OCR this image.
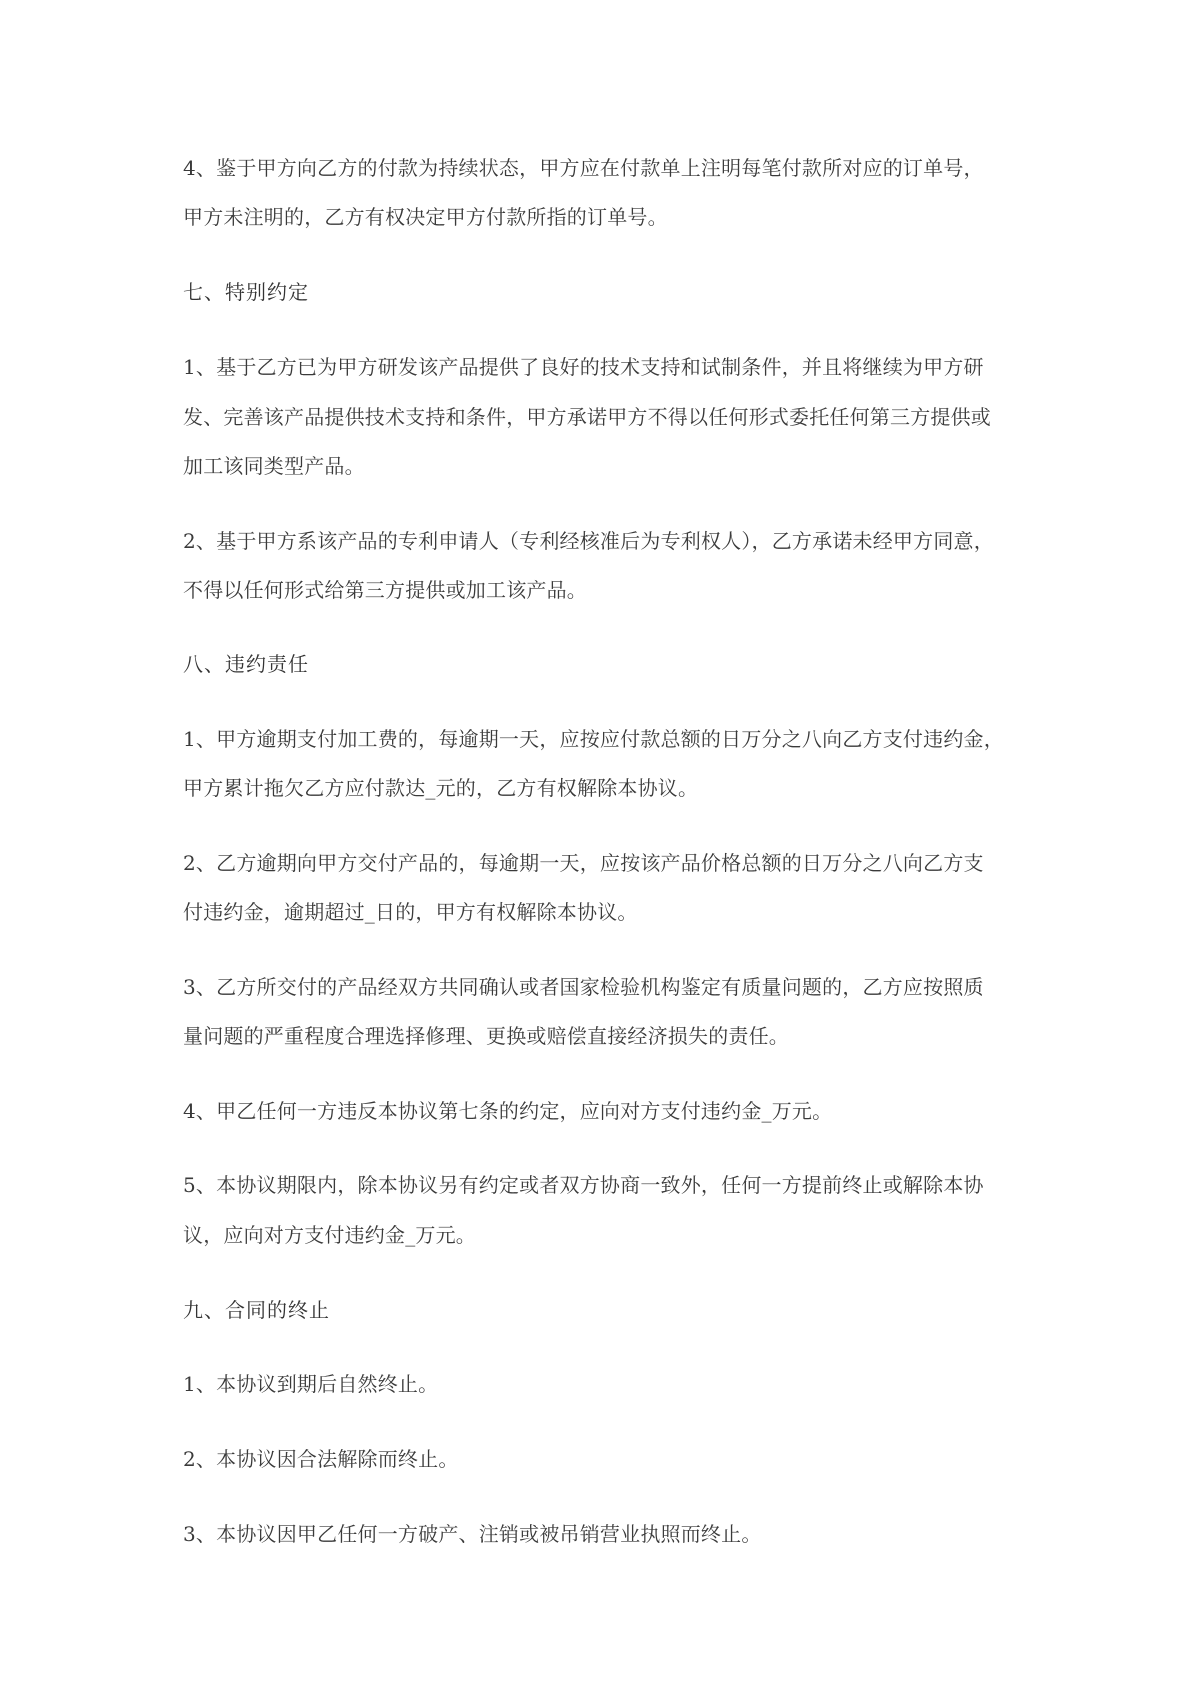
4、鉴于甲方向乙方的付款为持续状态，甲方应在付款单上注明每笔付款所对应的订单号，
甲方未注明的，乙方有权决定甲方付款所指的订单号。
七、特别约定
1、基于乙方已为甲方研发该产品提供了良好的技术支持和试制条件，并且将继续为甲方研
发、完善该产品提供技术支持和条件，甲方承诺甲方不得以任何形式委托任何第三方提供或
加工该同类型产品。
2、基于甲方系该产品的专利申请人（专利经核准后为专利权人），乙方承诺未经甲方同意，
不得以任何形式给第三方提供或加工该产品。
八、违约责任
1、甲方逾期支付加工费的，每逾期一天，应按应付款总额的日万分之八向乙方支付违约金，
甲方累计拖欠乙方应付款达_元的，乙方有权解除本协议。
2、乙方逾期向甲方交付产品的，每逾期一天，应按该产品价格总额的日万分之八向乙方支
付违约金，逾期超过_日的，甲方有权解除本协议。
3、乙方所交付的产品经双方共同确认或者国家检验机构鉴定有质量问题的，乙方应按照质
量问题的严重程度合理选择修理、更换或赔偿直接经济损失的责任。
4、甲乙任何一方违反本协议第七条的约定，应向对方支付违约金_万元。
5、本协议期限内，除本协议另有约定或者双方协商一致外，任何一方提前终止或解除本协
议，应向对方支付违约金_万元。
九、合同的终止
1、本协议到期后自然终止。
2、本协议因合法解除而终止。
3、本协议因甲乙任何一方破产、注销或被吊销营业执照而终止。
